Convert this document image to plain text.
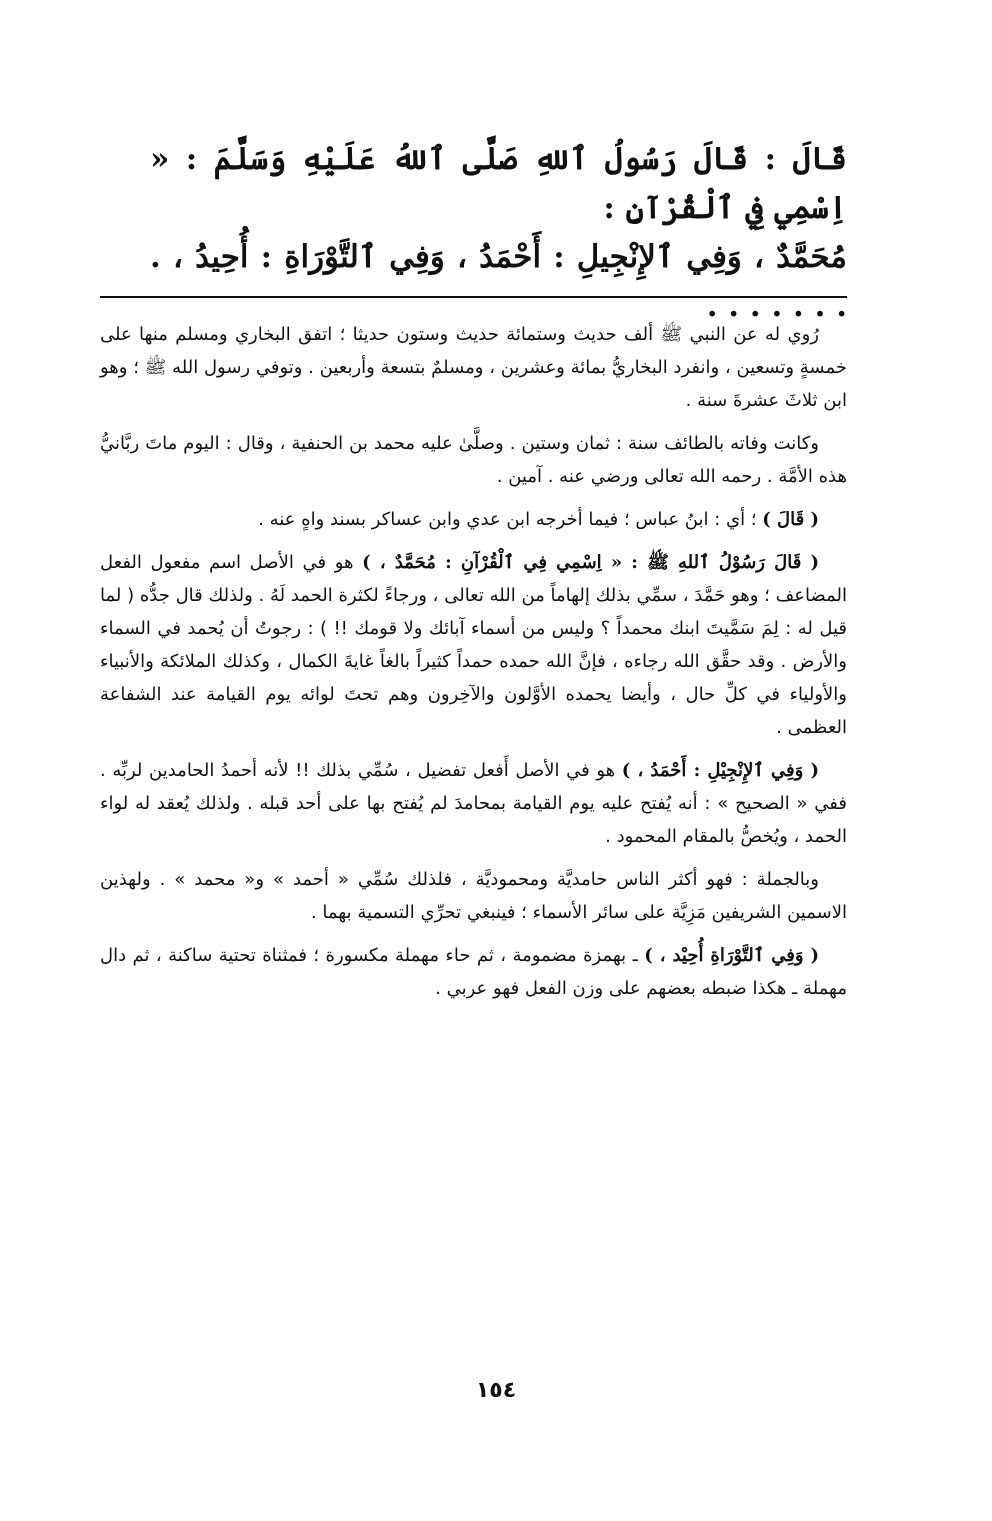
قَالَ : قَالَ رَسُولُ ٱللهِ صَلَّى ٱللهُ عَلَيْهِ وَسَلَّمَ : « اِسْمِي فِي ٱلْقُرْآنِ :

مُحَمَّدٌ ، وَفِي ٱلإِنْجِيلِ : أَحْمَدُ ، وَفِي ٱلتَّوْرَاةِ : أُحِيدُ ، . . . . . . . .

رُوي له عن النبي ﷺ ألف حديث وستمائة حديث وستون حديثا ؛ اتفق البخاري ومسلم منها على خمسةٍ وتسعين ، وانفرد البخاريُّ بمائة وعشرين ، ومسلمٌ بتسعة وأربعين . وتوفي رسول الله ﷺ ؛ وهو ابن ثلاثَ عشرةَ سنة .

وكانت وفاته بالطائف سنة : ثمان وستين . وصلَّىٰ عليه محمد بن الحنفية ، وقال : اليوم ماتَ ربَّانيُّ هذه الأمَّة . رحمه الله تعالى ورضي عنه . آمين .

( قَالَ ) ؛ أي : ابنُ عباس ؛ فيما أخرجه ابن عدي وابن عساكر بسند واهٍ عنه .

( قَالَ رَسُوْلُ ٱللهِ ﷺ : « اِسْمِي فِي ٱلْقُرْآنِ : مُحَمَّدٌ ، ) هو في الأصل اسم مفعول الفعل المضاعف ؛ وهو حَمَّدَ ، سمِّي بذلك إلهاماً من الله تعالى ، ورجاءً لكثرة الحمد لَهُ . ولذلك قال جدُّه ( لما قيل له : لِمَ سَمَّيتَ ابنك محمداً ؟ وليس من أسماء آبائك ولا قومك !! ) : رجوتُ أن يُحمد في السماء والأرض . وقد حقَّق الله رجاءه ، فإنَّ الله حمده حمداً كثيراً بالغاً غايةَ الكمال ، وكذلك الملائكة والأنبياء والأولياء في كلِّ حال ، وأيضا يحمده الأوَّلون والآخِرون وهم تحتَ لوائه يوم القيامة عند الشفاعة العظمى .

( وَفِي ٱلإِنْجِيْلِ : أَحْمَدُ ، ) هو في الأصل أَفعل تفضيل ، سُمِّي بذلك !! لأنه أحمدُ الحامدين لربِّه . ففي « الصحيح » : أنه يُفتح عليه يوم القيامة بمحامدَ لم يُفتح بها على أحد قبله . ولذلك يُعقد له لواء الحمد ، ويُخصُّ بالمقام المحمود .

وبالجملة : فهو أكثر الناس حامديَّة ومحموديَّة ، فلذلك سُمِّي « أحمد » و« محمد » . ولهذين الاسمين الشريفين مَزِيَّة على سائر الأسماء ؛ فينبغي تحرِّي التسمية بهما .

( وَفِي ٱلتَّوْرَاةِ أُحِيْد ، ) ـ بهمزة مضمومة ، ثم حاء مهملة مكسورة ؛ فمثناة تحتية ساكنة ، ثم دال مهملة ـ هكذا ضبطه بعضهم على وزن الفعل فهو عربي .

١٥٤
